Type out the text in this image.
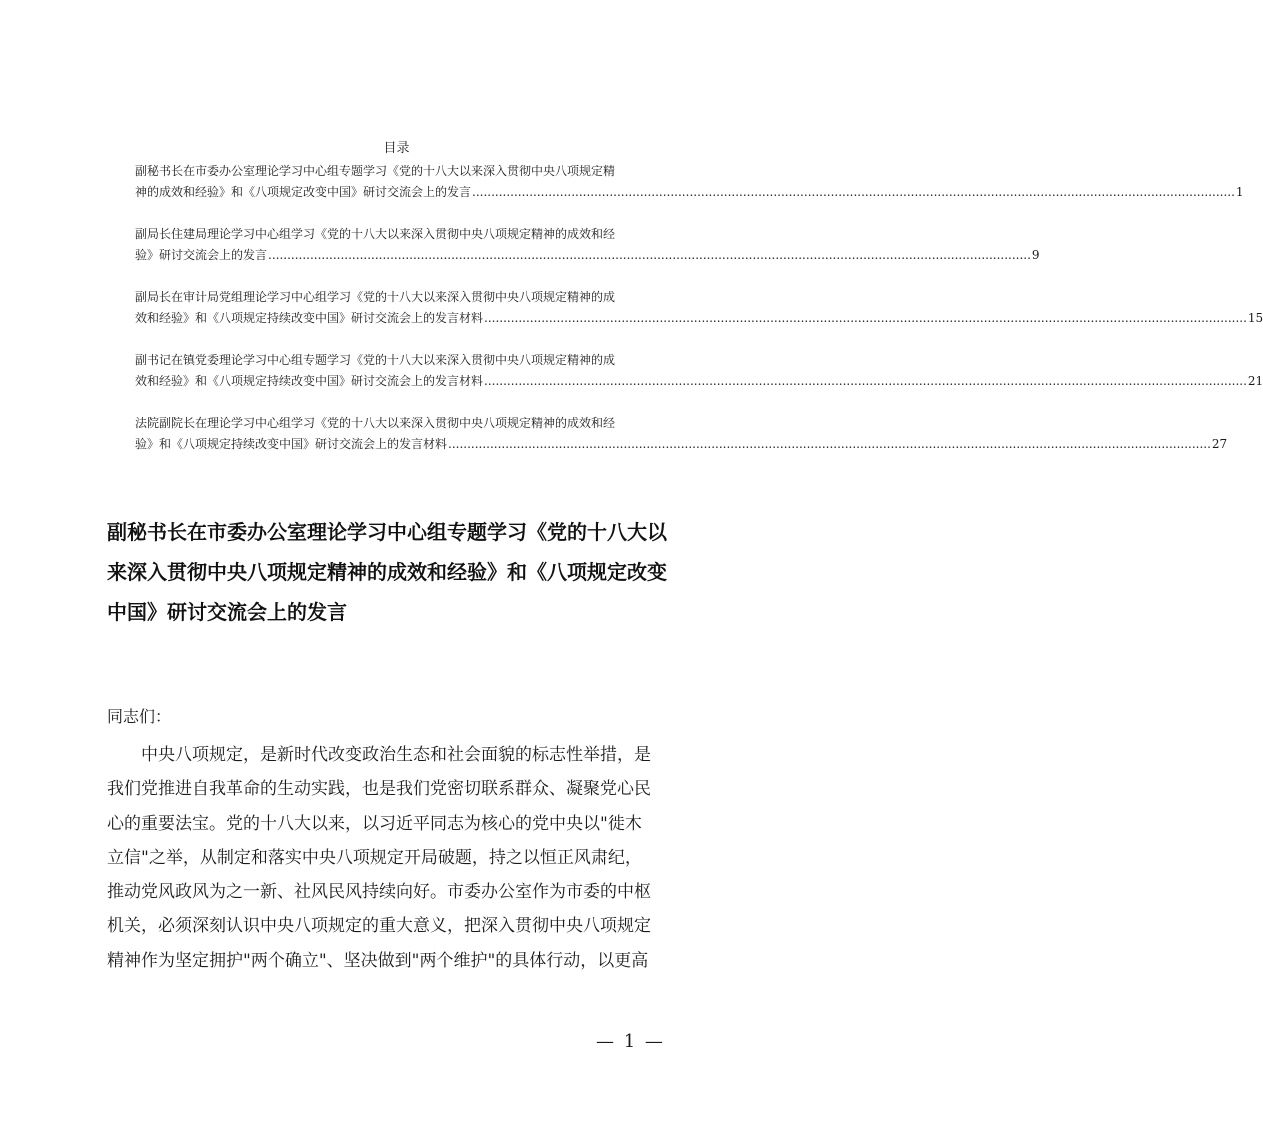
目录
副秘书长在市委办公室理论学习中心组专题学习《党的十八大以来深入贯彻中央八项规定精
神的成效和经验》和《八项规定改变中国》研讨交流会上的发言 ........................................................................................................................................................................................................ 1
副局长住建局理论学习中心组学习《党的十八大以来深入贯彻中央八项规定精神的成效和经
验》研讨交流会上的发言 ........................................................................................................................................................................................................ 9
副局长在审计局党组理论学习中心组学习《党的十八大以来深入贯彻中央八项规定精神的成
效和经验》和《八项规定持续改变中国》研讨交流会上的发言材料 ........................................................................................................................................................................................................ 15
副书记在镇党委理论学习中心组专题学习《党的十八大以来深入贯彻中央八项规定精神的成
效和经验》和《八项规定持续改变中国》研讨交流会上的发言材料 ........................................................................................................................................................................................................ 21
法院副院长在理论学习中心组学习《党的十八大以来深入贯彻中央八项规定精神的成效和经
验》和《八项规定持续改变中国》研讨交流会上的发言材料 ........................................................................................................................................................................................................ 27
副秘书长在市委办公室理论学习中心组专题学习《党的十八大以
来深入贯彻中央八项规定精神的成效和经验》和《八项规定改变
中国》研讨交流会上的发言
同志们：
中央八项规定，是新时代改变政治生态和社会面貌的标志性举措，是
我们党推进自我革命的生动实践，也是我们党密切联系群众、凝聚党心民
心的重要法宝。党的十八大以来，以习近平同志为核心的党中央以"徙木
立信"之举，从制定和落实中央八项规定开局破题，持之以恒正风肃纪，
推动党风政风为之一新、社风民风持续向好。市委办公室作为市委的中枢
机关，必须深刻认识中央八项规定的重大意义，把深入贯彻中央八项规定
精神作为坚定拥护"两个确立"、坚决做到"两个维护"的具体行动，以更高
— 1 —
